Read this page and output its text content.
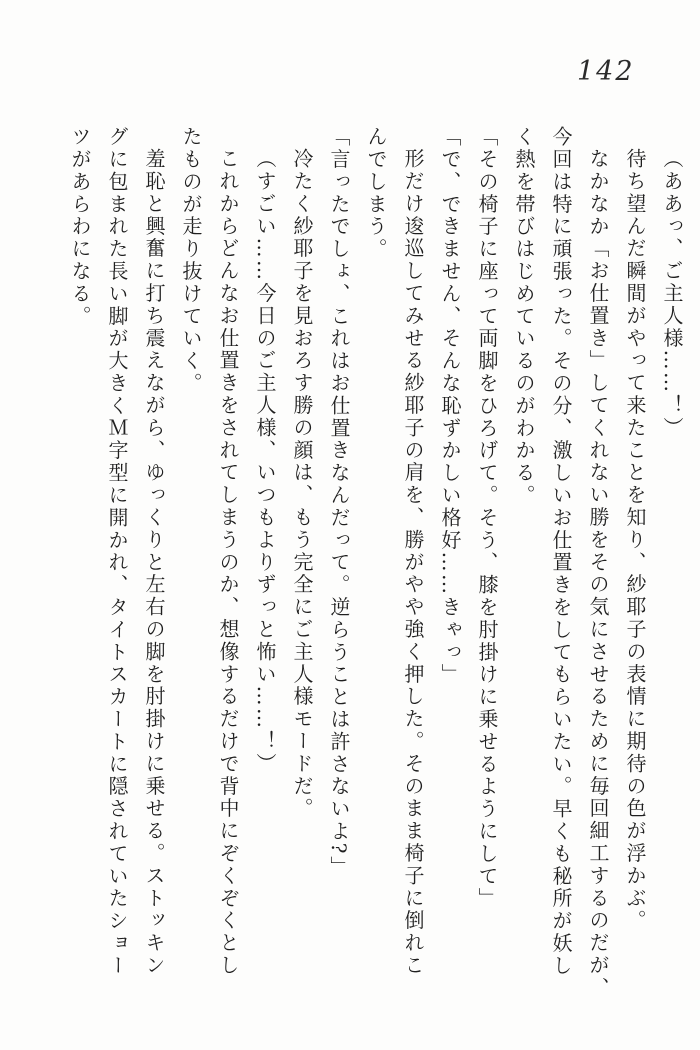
142

（ああっ、ご主人様……！）

待ち望んだ瞬間がやって来たことを知り、紗耶子の表情に期待の色が浮かぶ。

なかなか「お仕置き」してくれない勝をその気にさせるために毎回細工するのだが、

今回は特に頑張った。その分、激しいお仕置きをしてもらいたい。早くも秘所が妖し

く熱を帯びはじめているのがわかる。

「その椅子に座って両脚をひろげて。そう、膝を肘掛けに乗せるようにして」

「で、できません、そんな恥ずかしい格好……きゃっ」

形だけ逡巡してみせる紗耶子の肩を、勝がやや強く押した。そのまま椅子に倒れこ

んでしまう。

「言ったでしょ、これはお仕置きなんだって。逆らうことは許さないよ?」

冷たく紗耶子を見おろす勝の顔は、もう完全にご主人様モードだ。

（すごい……今日のご主人様、いつもよりずっと怖い……！）

これからどんなお仕置きをされてしまうのか、想像するだけで背中にぞくぞくとし

たものが走り抜けていく。

羞恥と興奮に打ち震えながら、ゆっくりと左右の脚を肘掛けに乗せる。ストッキン

グに包まれた長い脚が大きくＭ字型に開かれ、タイトスカートに隠されていたショー

ツがあらわになる。
